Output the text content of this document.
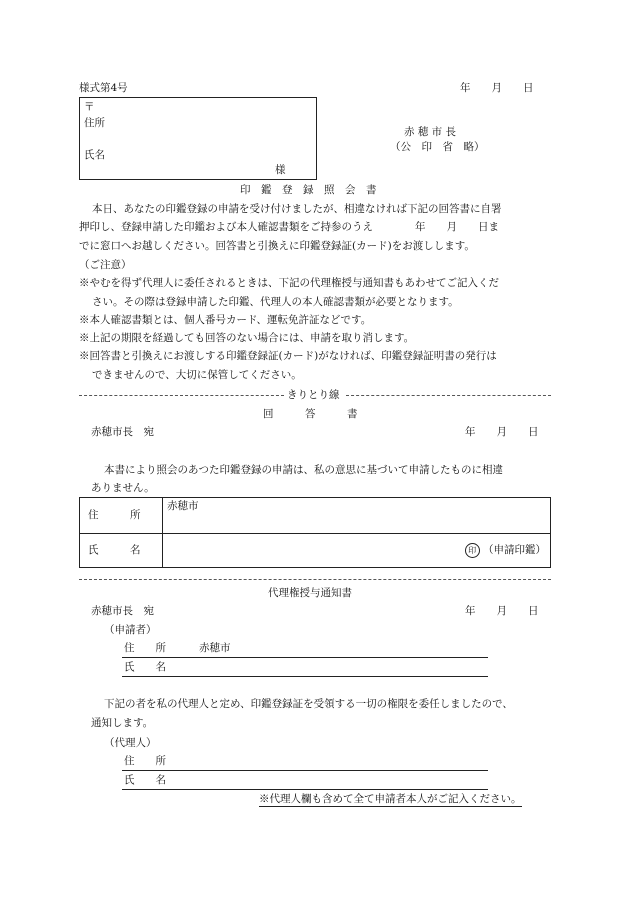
様式第4号	年　　月　　日
〒
住所
氏名
様
赤 穂 市 長
（公　印　省　略）
印　鑑　登　録　照　会　書
本日、あなたの印鑑登録の申請を受け付けましたが、相違なければ下記の回答書に自署
押印し、登録申請した印鑑および本人確認書類をご持参のうえ　　　　年　　月　　日ま
でに窓口へお越しください。回答書と引換えに印鑑登録証(カード)をお渡しします。
（ご注意）
※やむを得ず代理人に委任されるときは、下記の代理権授与通知書もあわせてご記入くだ
さい。その際は登録申請した印鑑、代理人の本人確認書類が必要となります。
※本人確認書類とは、個人番号カード、運転免許証などです。
※上記の期限を経過しても回答のない場合には、申請を取り消します。
※回答書と引換えにお渡しする印鑑登録証(カード)がなければ、印鑑登録証明書の発行は
できませんので、大切に保管してください。
きりとり線
回　　　答　　　書
赤穂市長　宛	年　　月　　日
本書により照会のあつた印鑑登録の申請は、私の意思に基づいて申請したものに相違
ありません。
住　　　所	赤穂市
氏　　　名	印 （申請印鑑）
代理権授与通知書
赤穂市長　宛	年　　月　　日
（申請者）
住　　所	赤穂市
氏　　名
下記の者を私の代理人と定め、印鑑登録証を受領する一切の権限を委任しましたので、
通知します。
（代理人）
住　　所
氏　　名
※代理人欄も含めて全て申請者本人がご記入ください。
